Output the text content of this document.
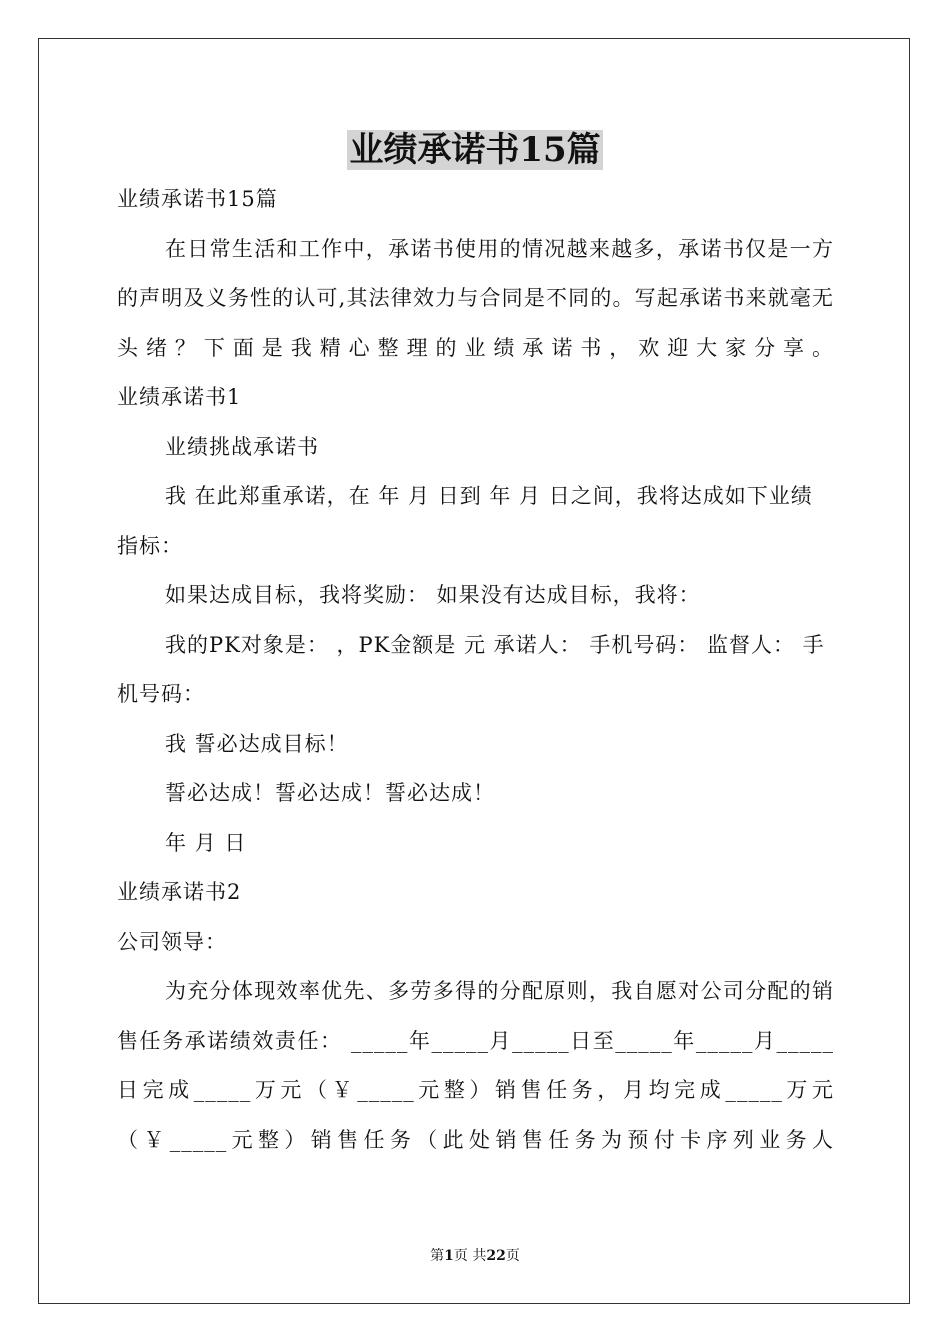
业绩承诺书15篇

业绩承诺书15篇

在日常生活和工作中，承诺书使用的情况越来越多，承诺书仅是一方的声明及义务性的认可,其法律效力与合同是不同的。写起承诺书来就毫无头绪？下面是我精心整理的业绩承诺书，欢迎大家分享。

业绩承诺书1

业绩挑战承诺书

我 在此郑重承诺，在 年 月 日到 年 月 日之间，我将达成如下业绩指标：

如果达成目标，我将奖励： 如果没有达成目标，我将：

我的PK对象是： ，PK金额是 元 承诺人： 手机号码： 监督人： 手机号码：

我 誓必达成目标！

誓必达成！誓必达成！誓必达成！

年 月 日

业绩承诺书2

公司领导：

为充分体现效率优先、多劳多得的分配原则，我自愿对公司分配的销售任务承诺绩效责任： _____年_____月_____日至_____年_____月_____日完成_____万元（￥_____元整）销售任务，月均完成_____万元（￥_____元整）销售任务（此处销售任务为预付卡序列业务人

第1页 共22页
